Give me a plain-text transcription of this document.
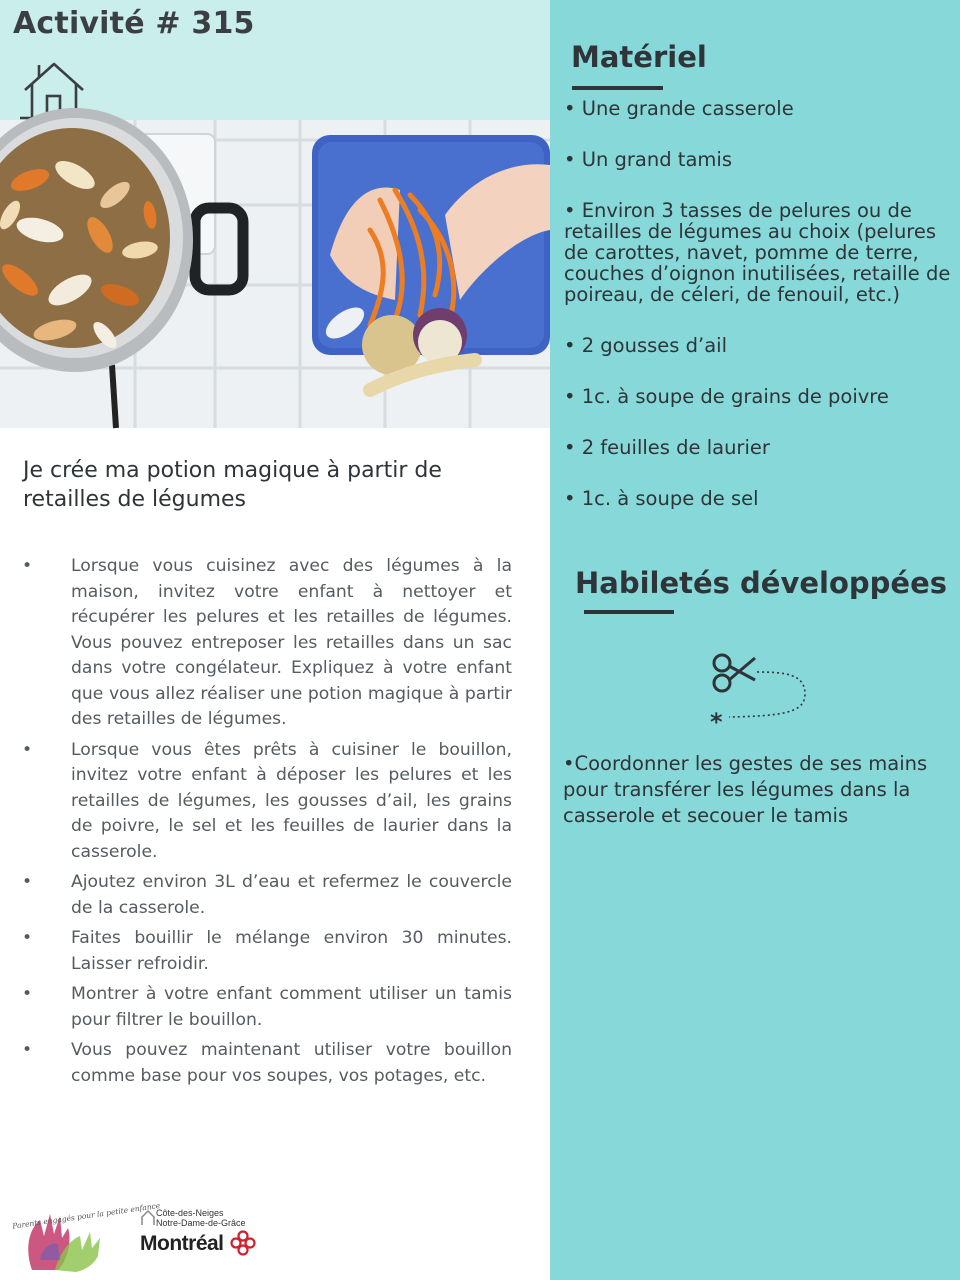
Activité # 315
Je crée ma potion magique à partir de retailles de légumes
• Lorsque vous cuisinez avec des légumes à la maison, invitez votre enfant à nettoyer et récupérer les pelures et les retailles de légumes. Vous pouvez entreposer les retailles dans un sac dans votre congélateur. Expliquez à votre enfant que vous allez réaliser une potion magique à partir des retailles de légumes.
• Lorsque vous êtes prêts à cuisiner le bouillon, invitez votre enfant à déposer les pelures et les retailles de légumes, les gousses d’ail, les grains de poivre, le sel et les feuilles de laurier dans la casserole.
• Ajoutez environ 3L d’eau et refermez le couvercle de la casserole.
• Faites bouillir le mélange environ 30 minutes. Laisser refroidir.
• Montrer à votre enfant comment utiliser un tamis pour filtrer le bouillon.
• Vous pouvez maintenant utiliser votre bouillon comme base pour vos soupes, vos potages, etc.
Parents engagés pour la petite enfance
Côte-des-Neiges
Notre-Dame-de-Grâce
Montréal
Matériel
• Une grande casserole
• Un grand tamis
• Environ 3 tasses de pelures ou de retailles de légumes au choix (pelures de carottes, navet, pomme de terre, couches d’oignon inutilisées, retaille de poireau, de céleri, de fenouil, etc.)
• 2 gousses d’ail
• 1c. à soupe de grains de poivre
• 2 feuilles de laurier
• 1c. à soupe de sel
Habiletés développées
*

•Coordonner les gestes de ses mains pour transférer les légumes dans la casserole et secouer le tamis
